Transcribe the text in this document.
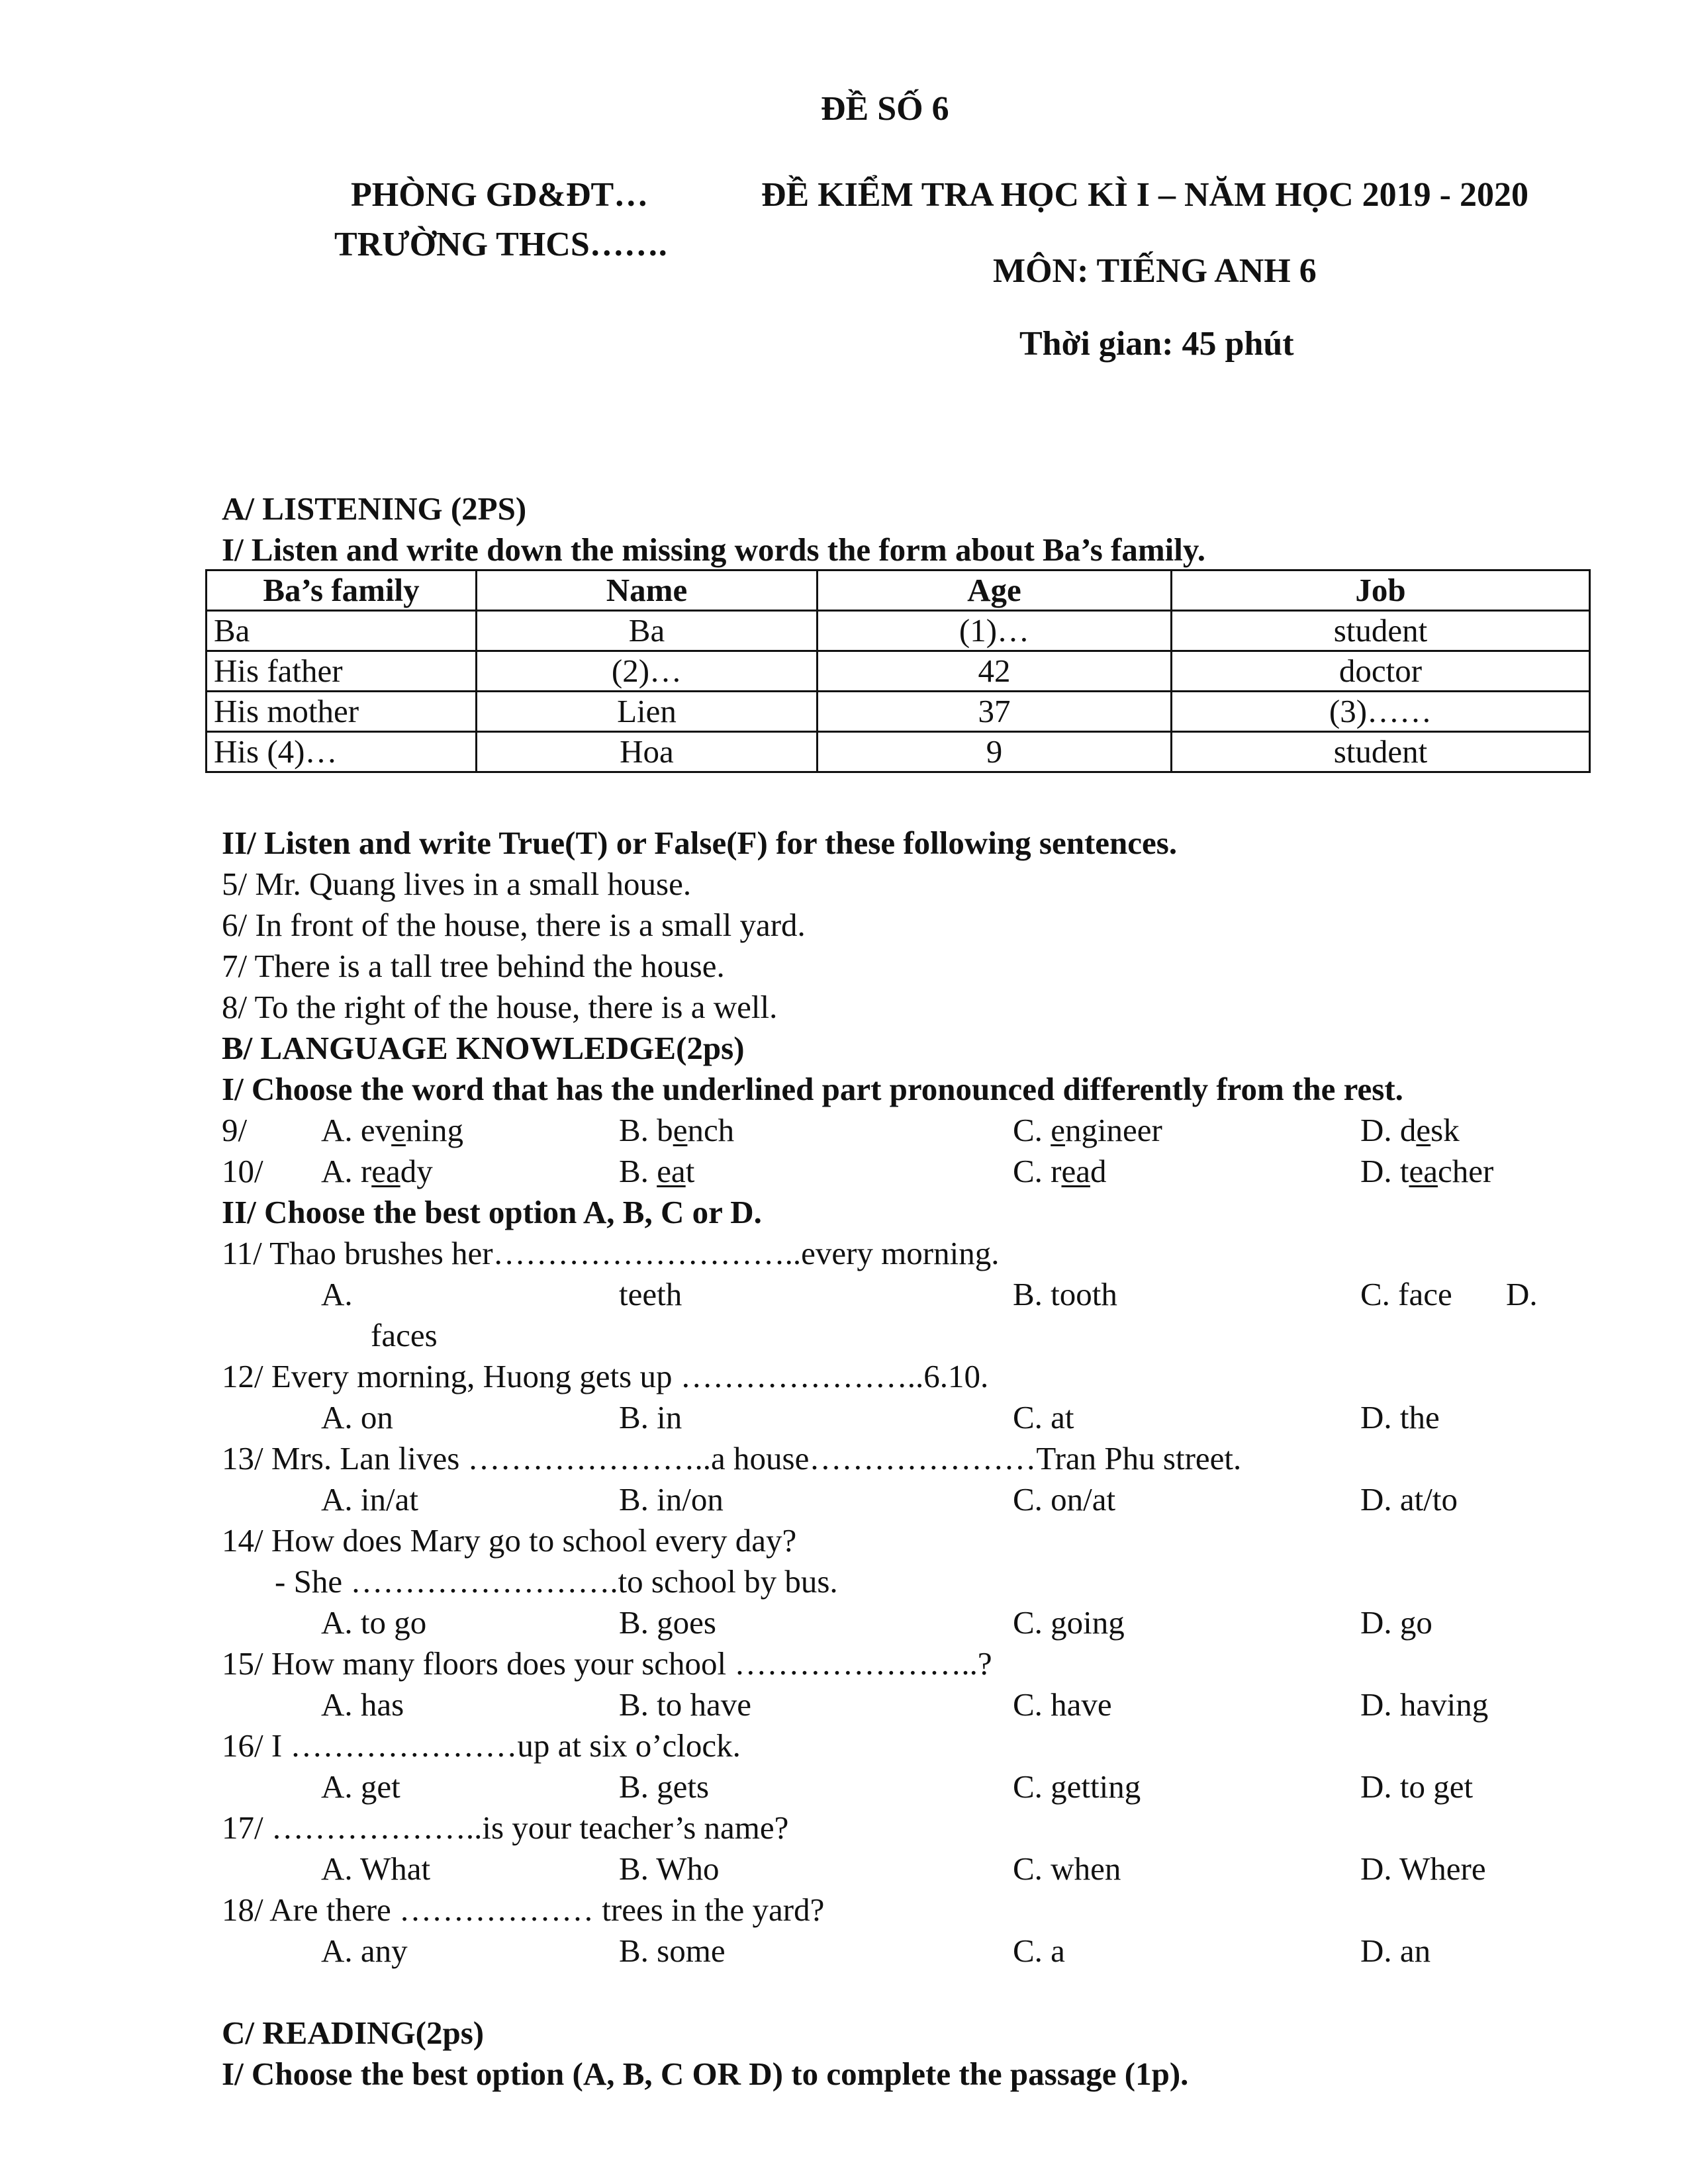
ĐỀ SỐ 6
PHÒNG GD&ĐT…
TRƯỜNG THCS…….
ĐỀ KIỂM TRA HỌC KÌ I – NĂM HỌC 2019 - 2020
MÔN: TIẾNG ANH 6
Thời gian: 45 phút
A/ LISTENING (2PS)
I/ Listen and write down the missing words the form about Ba’s family.
Ba’s family	Name	Age	Job
Ba	Ba	(1)…	student
His father	(2)…	42	doctor
His mother	Lien	37	(3)……
His (4)…	Hoa	9	student
II/ Listen and write True(T) or False(F) for these following sentences.
5/ Mr. Quang lives in a small house.
6/ In front of the house, there is a small yard.
7/ There is a tall tree behind the house.
8/ To the right of the house, there is a well.
B/ LANGUAGE KNOWLEDGE(2ps)
I/ Choose the word that has the underlined part pronounced differently from the rest.
9/ A. evening	B. bench	C. engineer	D. desk
10/ A. ready	B. eat	C. read	D. teacher
II/ Choose the best option A, B, C or D.
11/ Thao brushes her………………………..every morning.
A.	teeth	B. tooth	C. face D.
faces
12/ Every morning, Huong gets up …………………..6.10.
A. on	B. in	C. at	D. the
13/ Mrs. Lan lives …………………..a house…………………Tran Phu street.
A. in/at	B. in/on	C. on/at	D. at/to
14/ How does Mary go to school every day?
- She …………………….to school by bus.
A. to go	B. goes	C. going	D. go
15/ How many floors does your school …………………..?
A. has	B. to have	C. have	D. having
16/ I …………………up at six o’clock.
A. get	B. gets	C. getting	D. to get
17/ ………………..is your teacher’s name?
A. What	B. Who	C. when	D. Where
18/ Are there ……………… trees in the yard?
A. any	B. some	C. a	D. an
C/ READING(2ps)
I/ Choose the best option (A, B, C OR D) to complete the passage (1p).
